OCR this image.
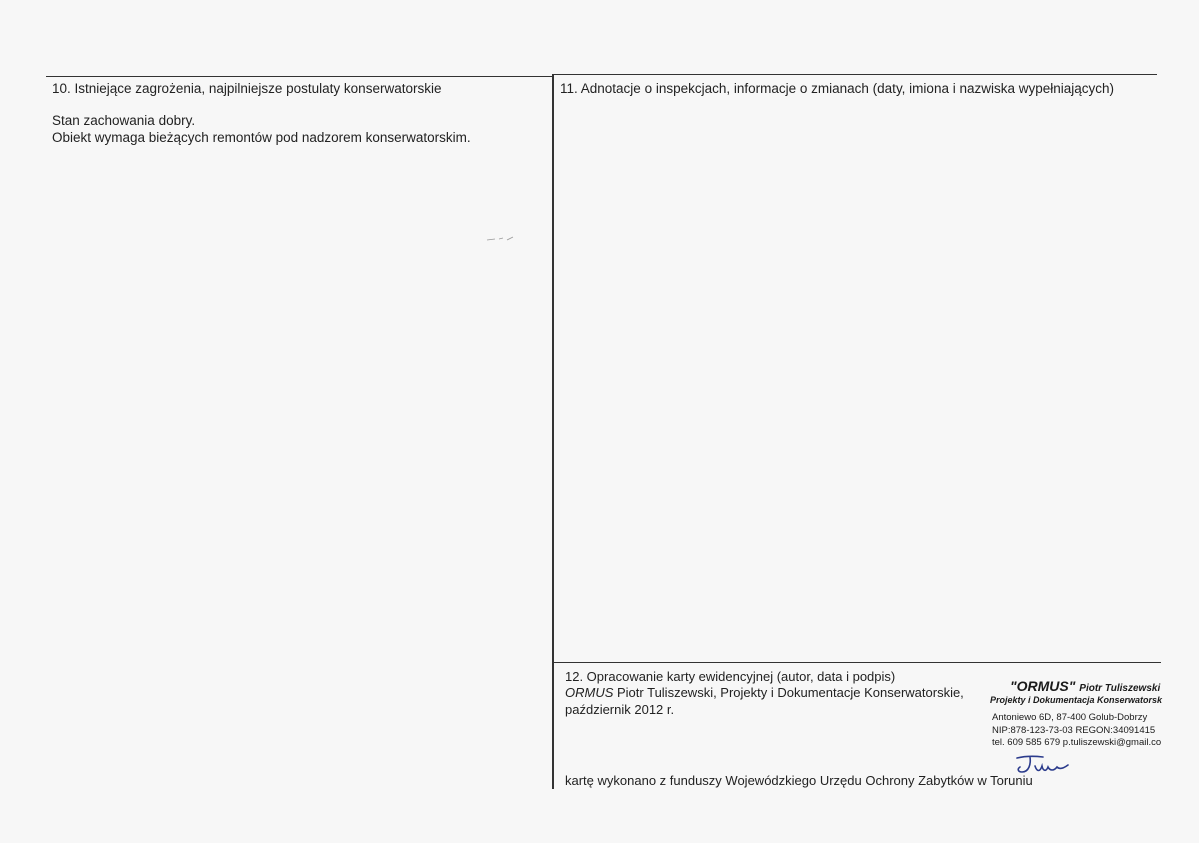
10. Istniejące zagrożenia, najpilniejsze postulaty konserwatorskie
Stan zachowania dobry.
Obiekt wymaga bieżących remontów pod nadzorem konserwatorskim.
11. Adnotacje o inspekcjach, informacje o zmianach (daty, imiona i nazwiska wypełniających)
12. Opracowanie karty ewidencyjnej (autor, data i podpis)
ORMUS Piotr Tuliszewski, Projekty i Dokumentacje Konserwatorskie,
październik 2012 r.
"ORMUS" Piotr Tuliszewski
Projekty i Dokumentacja Konserwatorsk
Antoniewo 6D, 87-400 Golub-Dobrzy
NIP:878-123-73-03 REGON:34091415
tel. 609 585 679 p.tuliszewski@gmail.co
kartę wykonano z funduszy Wojewódzkiego Urzędu Ochrony Zabytków w Toruniu
